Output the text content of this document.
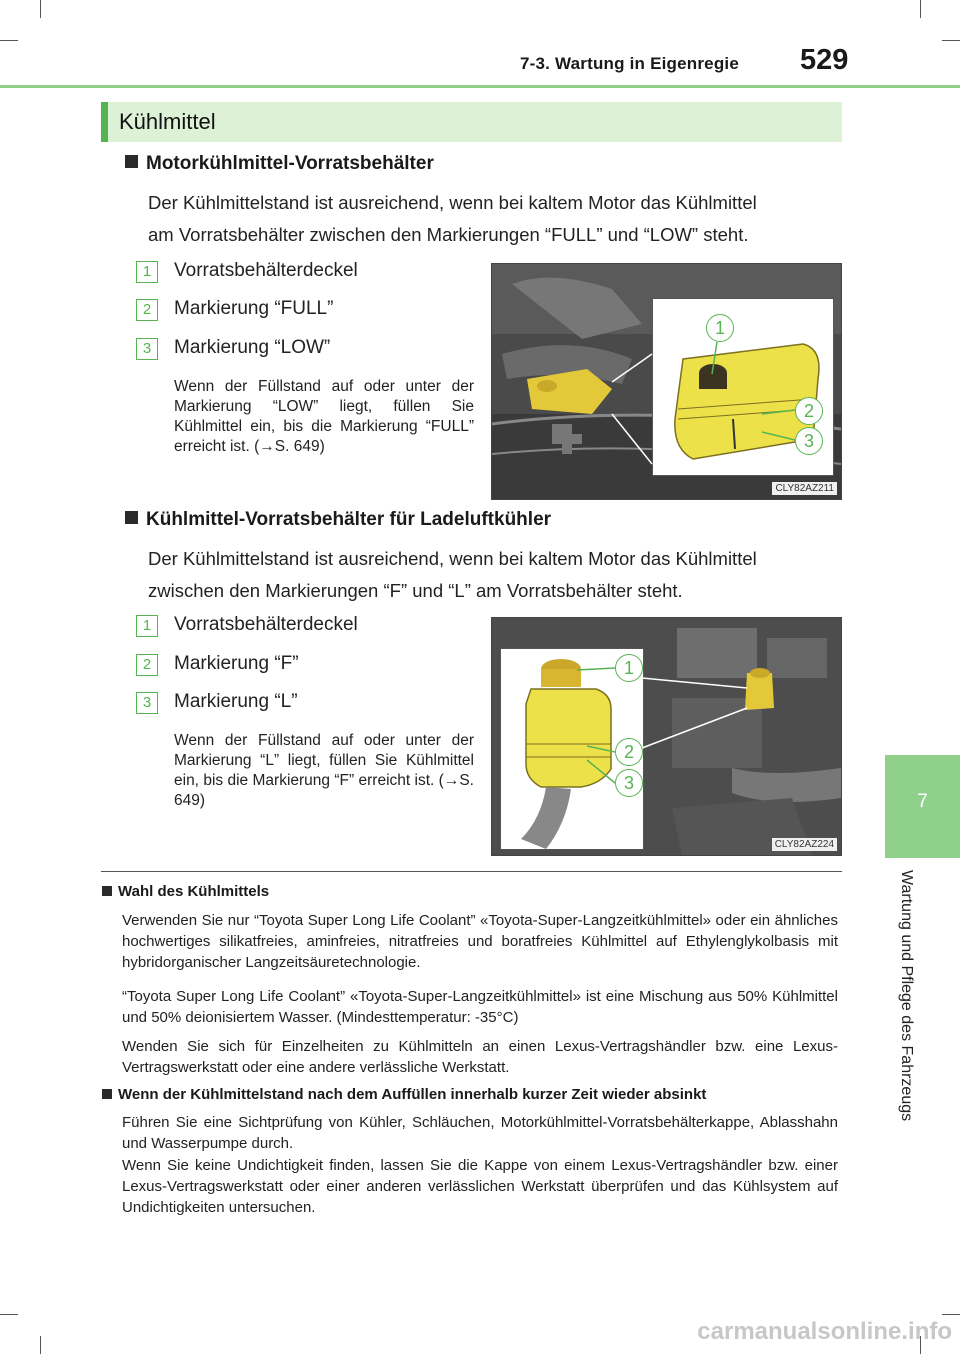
7-3. Wartung in Eigenregie 529
7
Wartung und Pflege des Fahrzeugs
Kühlmittel
Motorkühlmittel-Vorratsbehälter
Der Kühlmittelstand ist ausreichend, wenn bei kaltem Motor das Kühlmittel
am Vorratsbehälter zwischen den Markierungen “FULL” und “LOW” steht.
1	Vorratsbehälterdeckel
2	Markierung “FULL”
3	Markierung “LOW”
Wenn der Füllstand auf oder unter der Markierung “LOW” liegt, füllen Sie Kühlmittel ein, bis die Markierung “FULL” erreicht ist. (→S. 649)
1
2
3
CLY82AZ211
Kühlmittel-Vorratsbehälter für Ladeluftkühler
Der Kühlmittelstand ist ausreichend, wenn bei kaltem Motor das Kühlmittel
zwischen den Markierungen “F” und “L” am Vorratsbehälter steht.
1	Vorratsbehälterdeckel
2	Markierung “F”
3	Markierung “L”
Wenn der Füllstand auf oder unter der Markierung “L” liegt, füllen Sie Kühlmittel ein, bis die Markierung “F” erreicht ist. (→S. 649)
1
2
3
CLY82AZ224
Wahl des Kühlmittels
Verwenden Sie nur “Toyota Super Long Life Coolant” «Toyota-Super-Langzeitkühlmittel» oder ein ähnliches hochwertiges silikatfreies, aminfreies, nitratfreies und boratfreies Kühlmittel auf Ethylenglykolbasis mit hybridorganischer Langzeitsäuretechnologie.
“Toyota Super Long Life Coolant” «Toyota-Super-Langzeitkühlmittel» ist eine Mischung aus 50% Kühlmittel und 50% deionisiertem Wasser. (Mindesttemperatur: -35°C)
Wenden Sie sich für Einzelheiten zu Kühlmitteln an einen Lexus-Vertragshändler bzw. eine Lexus-Vertragswerkstatt oder eine andere verlässliche Werkstatt.
Wenn der Kühlmittelstand nach dem Auffüllen innerhalb kurzer Zeit wieder absinkt
Führen Sie eine Sichtprüfung von Kühler, Schläuchen, Motorkühlmittel-Vorratsbehälterkappe, Ablasshahn und Wasserpumpe durch.
Wenn Sie keine Undichtigkeit finden, lassen Sie die Kappe von einem Lexus-Vertragshändler bzw. einer Lexus-Vertragswerkstatt oder einer anderen verlässlichen Werkstatt überprüfen und das Kühlsystem auf Undichtigkeiten untersuchen.
carmanualsonline.info
